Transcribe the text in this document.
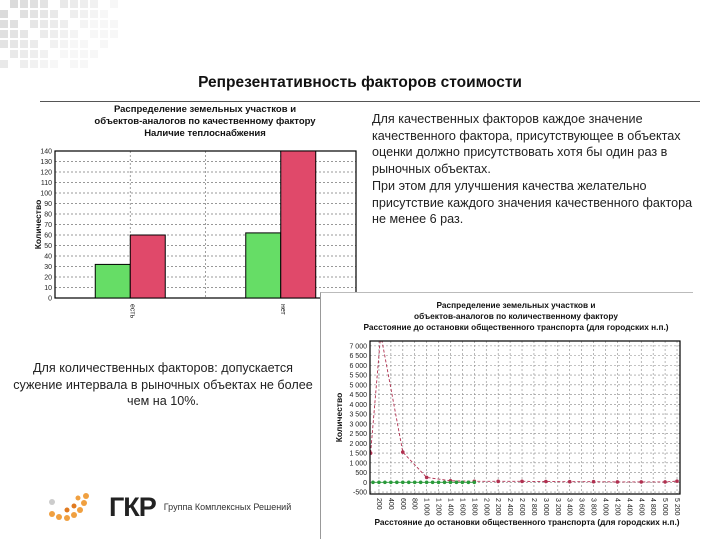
Репрезентативность факторов стоимости
Распределение земельных участков и
объектов-аналогов по качественному фактору
Наличие теплоснабжения
0
10
20
30
40
50
60
70
80
90
100
110
120
130
140
есть	нет
Количество
Для качественных факторов каждое значение качественного фактора, присутствующее в объектах оценки должно присутствовать хотя бы один раз в рыночных объектах.
При этом для улучшения качества желательно присутствие каждого значения качественного фактора не менее 6 раз.
Для количественных факторов: допускается сужение интервала в рыночных объектах не более чем на 10%.
Распределение земельных участков и
объектов-аналогов по количественному фактору
Расстояние до остановки общественного транспорта (для городских н.п.)
-500
0
500
1 000
1 500
2 000
2 500
3 000
3 500
4 000
4 500
5 000
5 500
6 000
6 500
7 000
200 400 600 800 1 000 1 200 1 400 1 600 1 800 2 000 2 200 2 400 2 600 2 800 3 000 3 200 3 400 3 600 3 800 4 000 4 200 4 400 4 600 4 800 5 000 5 200
Количество
Расстояние до остановки общественного транспорта (для городских н.п.)
ГКР Группа Комплексных Решений
